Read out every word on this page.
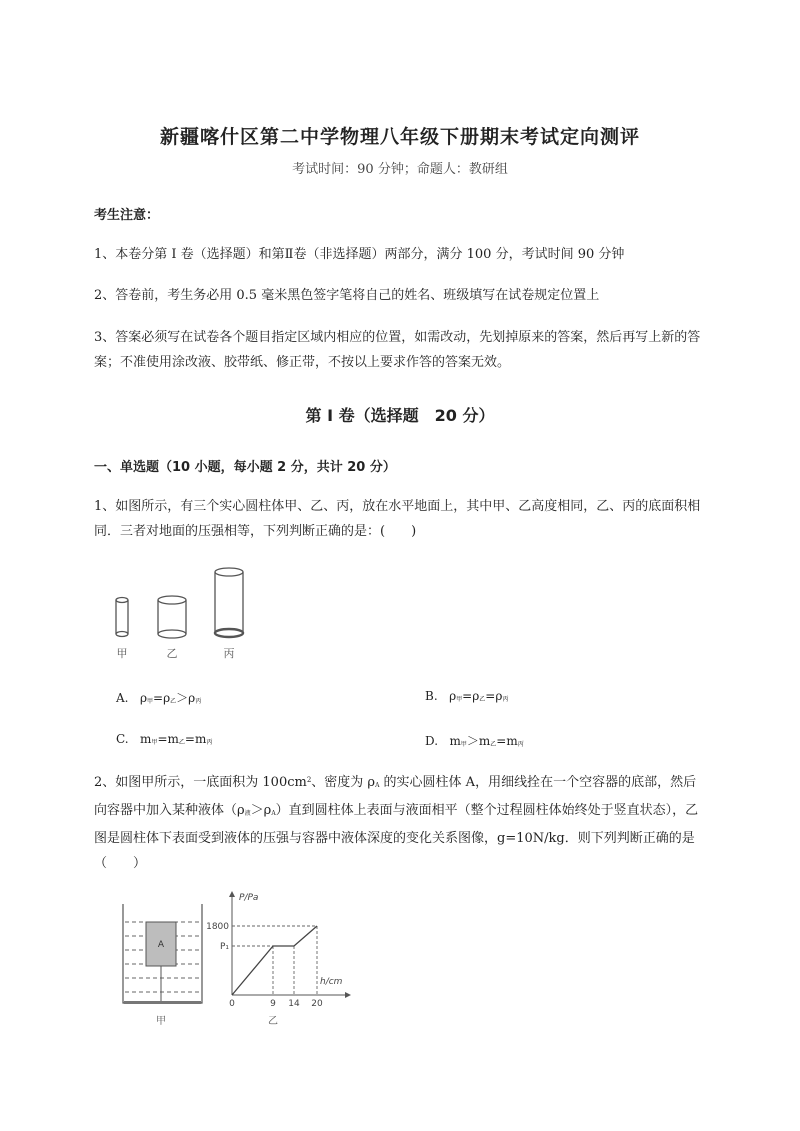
新疆喀什区第二中学物理八年级下册期末考试定向测评
考试时间：90 分钟；命题人：教研组
考生注意：
1、本卷分第 I 卷（选择题）和第Ⅱ卷（非选择题）两部分，满分 100 分，考试时间 90 分钟
2、答卷前，考生务必用 0.5 毫米黑色签字笔将自己的姓名、班级填写在试卷规定位置上
3、答案必须写在试卷各个题目指定区域内相应的位置，如需改动，先划掉原来的答案，然后再写上新的答案；不准使用涂改液、胶带纸、修正带，不按以上要求作答的答案无效。
第 I 卷（选择题　20 分）
一、单选题（10 小题，每小题 2 分，共计 20 分）
1、如图所示，有三个实心圆柱体甲、乙、丙，放在水平地面上，其中甲、乙高度相同，乙、丙的底面积相同．三者对地面的压强相等，下列判断正确的是：(　　)
甲	乙	丙
A. ρ甲=ρ乙＞ρ丙	B. ρ甲=ρ乙=ρ丙
C. m甲=m乙=m丙	D. m甲＞m乙=m丙
2、如图甲所示，一底面积为 $100cm^2$、密度为 ρA 的实心圆柱体 A，用细线拴在一个空容器的底部，然后向容器中加入某种液体（ρ液＞ρA）直到圆柱体上表面与液面相平（整个过程圆柱体始终处于竖直状态），乙图是圆柱体下表面受到液体的压强与容器中液体深度的变化关系图像，g=10N/kg．则下列判断正确的是（　　）
A
甲
P/Pa
h/cm
1800
P₁
0	9 14 20
乙
